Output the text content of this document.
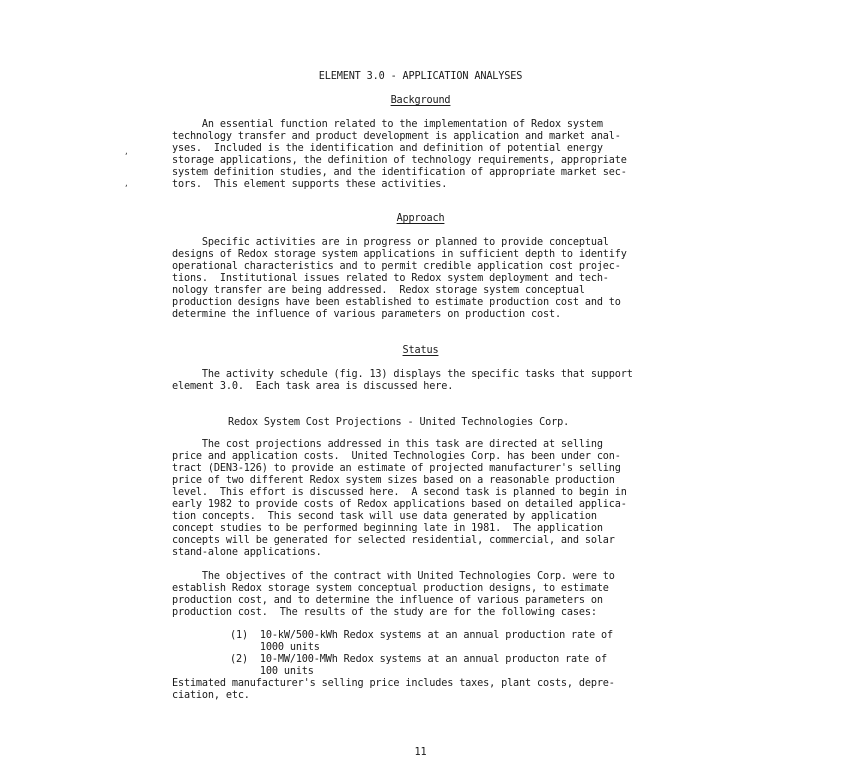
ELEMENT 3.0 - APPLICATION ANALYSES
Background
An essential function related to the implementation of Redox system
technology transfer and product development is application and market anal-
yses.  Included is the identification and definition of potential energy
storage applications, the definition of technology requirements, appropriate
system definition studies, and the identification of appropriate market sec-
tors.  This element supports these activities.
,
,
Approach
Specific activities are in progress or planned to provide conceptual
designs of Redox storage system applications in sufficient depth to identify
operational characteristics and to permit credible application cost projec-
tions.  Institutional issues related to Redox system deployment and tech-
nology transfer are being addressed.  Redox storage system conceptual
production designs have been established to estimate production cost and to
determine the influence of various parameters on production cost.
Status
The activity schedule (fig. 13) displays the specific tasks that support
element 3.0.  Each task area is discussed here.
Redox System Cost Projections - United Technologies Corp.
The cost projections addressed in this task are directed at selling
price and application costs.  United Technologies Corp. has been under con-
tract (DEN3-126) to provide an estimate of projected manufacturer's selling
price of two different Redox system sizes based on a reasonable production
level.  This effort is discussed here.  A second task is planned to begin in
early 1982 to provide costs of Redox applications based on detailed applica-
tion concepts.  This second task will use data generated by application
concept studies to be performed beginning late in 1981.  The application
concepts will be generated for selected residential, commercial, and solar
stand-alone applications.
The objectives of the contract with United Technologies Corp. were to
establish Redox storage system conceptual production designs, to estimate
production cost, and to determine the influence of various parameters on
production cost.  The results of the study are for the following cases:
(1)  10-kW/500-kWh Redox systems at an annual production rate of
1000 units
(2)  10-MW/100-MWh Redox systems at an annual producton rate of
100 units
Estimated manufacturer's selling price includes taxes, plant costs, depre-
ciation, etc.
11
